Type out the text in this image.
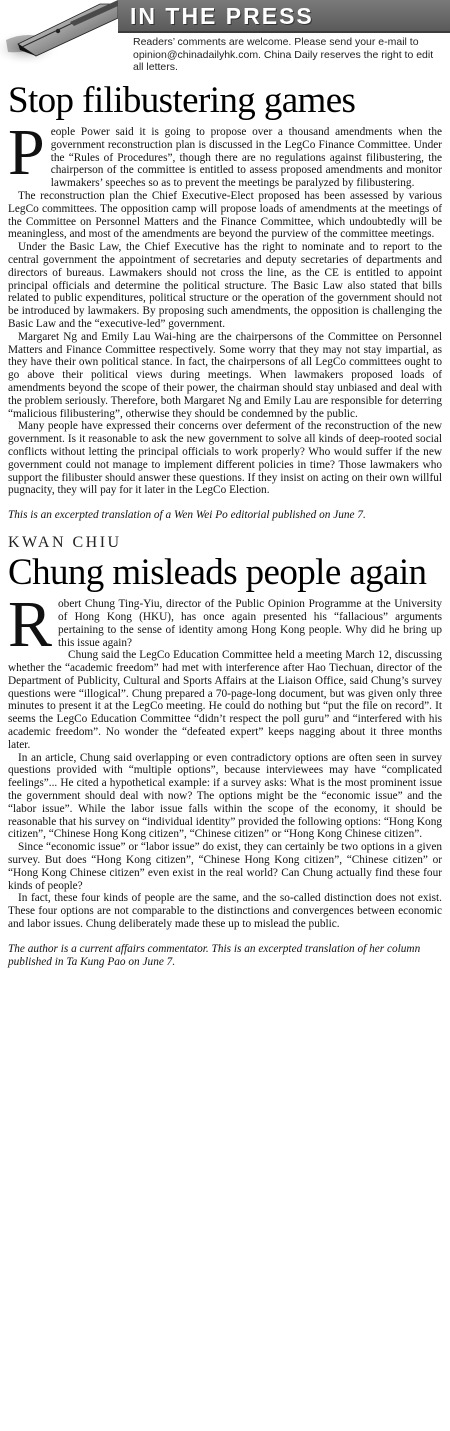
IN THE PRESS
Readers’ comments are welcome. Please send your e-mail to opinion@chinadailyhk.com. China Daily reserves the right to edit all letters.
Stop filibustering games

People Power said it is going to propose over a thousand amendments when the government reconstruction plan is discussed in the LegCo Finance Committee. Under the “Rules of Procedures”, though there are no regulations against filibustering, the chairperson of the committee is entitled to assess proposed amendments and monitor lawmakers’ speeches so as to prevent the meetings be paralyzed by filibustering.

The reconstruction plan the Chief Executive-Elect proposed has been assessed by various LegCo committees. The opposition camp will propose loads of amendments at the meetings of the Committee on Personnel Matters and the Finance Committee, which undoubtedly will be meaningless, and most of the amendments are beyond the purview of the committee meetings.

Under the Basic Law, the Chief Executive has the right to nominate and to report to the central government the appointment of secretaries and deputy secretaries of departments and directors of bureaus. Lawmakers should not cross the line, as the CE is entitled to appoint principal officials and determine the political structure. The Basic Law also stated that bills related to public expenditures, political structure or the operation of the government should not be introduced by lawmakers. By proposing such amendments, the opposition is challenging the Basic Law and the “executive-led” government.

Margaret Ng and Emily Lau Wai-hing are the chairpersons of the Committee on Personnel Matters and Finance Committee respectively. Some worry that they may not stay impartial, as they have their own political stance. In fact, the chairpersons of all LegCo committees ought to go above their political views during meetings. When lawmakers proposed loads of amendments beyond the scope of their power, the chairman should stay unbiased and deal with the problem seriously. Therefore, both Margaret Ng and Emily Lau are responsible for deterring “malicious filibustering”, otherwise they should be condemned by the public.

Many people have expressed their concerns over deferment of the reconstruction of the new government. Is it reasonable to ask the new government to solve all kinds of deep-rooted social conflicts without letting the principal officials to work properly? Who would suffer if the new government could not manage to implement different policies in time? Those lawmakers who support the filibuster should answer these questions. If they insist on acting on their own willful pugnacity, they will pay for it later in the LegCo Election.

This is an excerpted translation of a Wen Wei Po editorial published on June 7.

KWAN CHIU
Chung misleads people again

Robert Chung Ting-Yiu, director of the Public Opinion Programme at the University of Hong Kong (HKU), has once again presented his “fallacious” arguments pertaining to the sense of identity among Hong Kong people. Why did he bring up this issue again?

Chung said the LegCo Education Committee held a meeting March 12, discussing whether the “academic freedom” had met with interference after Hao Tiechuan, director of the Department of Publicity, Cultural and Sports Affairs at the Liaison Office, said Chung’s survey questions were “illogical”. Chung prepared a 70-page-long document, but was given only three minutes to present it at the LegCo meeting. He could do nothing but “put the file on record”. It seems the LegCo Education Committee “didn’t respect the poll guru” and “interfered with his academic freedom”. No wonder the “defeated expert” keeps nagging about it three months later.

In an article, Chung said overlapping or even contradictory options are often seen in survey questions provided with “multiple options”, because interviewees may have “complicated feelings”... He cited a hypothetical example: if a survey asks: What is the most prominent issue the government should deal with now? The options might be the “economic issue” and the “labor issue”. While the labor issue falls within the scope of the economy, it should be reasonable that his survey on “individual identity” provided the following options: “Hong Kong citizen”, “Chinese Hong Kong citizen”, “Chinese citizen” or “Hong Kong Chinese citizen”.

Since “economic issue” or “labor issue” do exist, they can certainly be two options in a given survey. But does “Hong Kong citizen”, “Chinese Hong Kong citizen”, “Chinese citizen” or “Hong Kong Chinese citizen” even exist in the real world? Can Chung actually find these four kinds of people?

In fact, these four kinds of people are the same, and the so-called distinction does not exist. These four options are not comparable to the distinctions and convergences between economic and labor issues. Chung deliberately made these up to mislead the public.

The author is a current affairs commentator. This is an excerpted translation of her column published in Ta Kung Pao on June 7.
